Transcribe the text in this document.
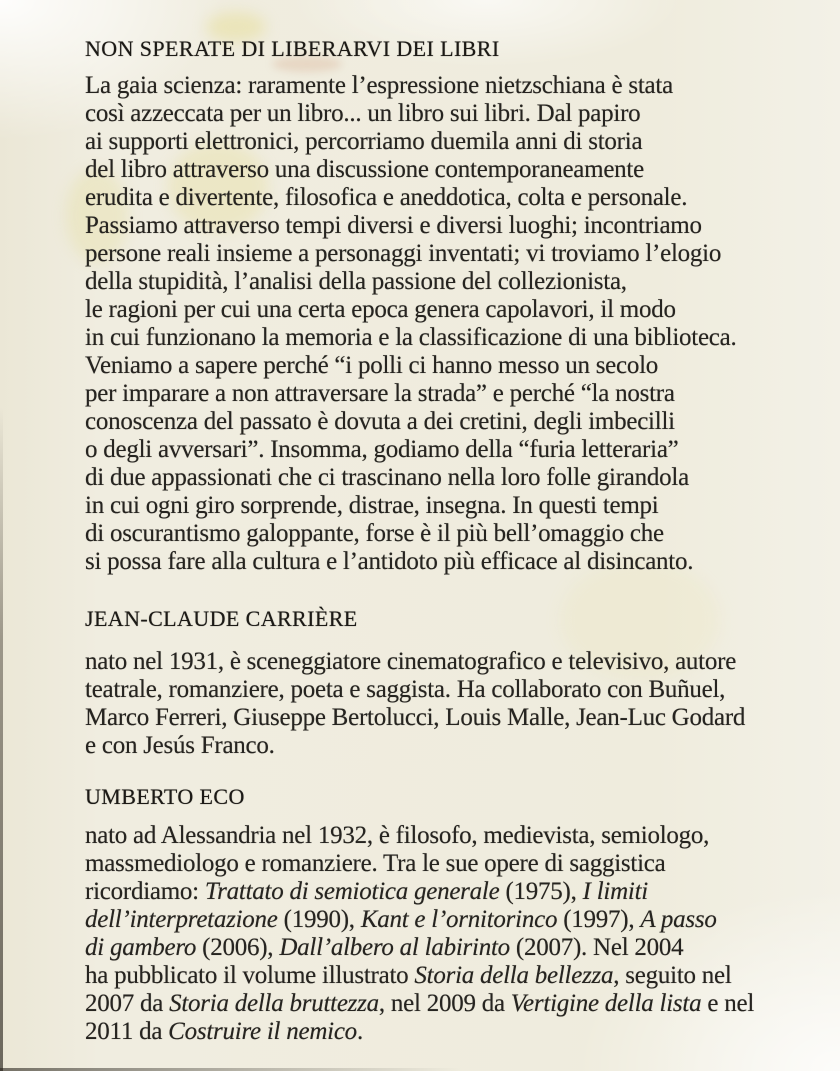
NON SPERATE DI LIBERARVI DEI LIBRI
La gaia scienza: raramente l’espressione nietzschiana è stata
così azzeccata per un libro... un libro sui libri. Dal papiro
ai supporti elettronici, percorriamo duemila anni di storia
del libro attraverso una discussione contemporaneamente
erudita e divertente, filosofica e aneddotica, colta e personale.
Passiamo attraverso tempi diversi e diversi luoghi; incontriamo
persone reali insieme a personaggi inventati; vi troviamo l’elogio
della stupidità, l’analisi della passione del collezionista,
le ragioni per cui una certa epoca genera capolavori, il modo
in cui funzionano la memoria e la classificazione di una biblioteca.
Veniamo a sapere perché “i polli ci hanno messo un secolo
per imparare a non attraversare la strada” e perché “la nostra
conoscenza del passato è dovuta a dei cretini, degli imbecilli
o degli avversari”. Insomma, godiamo della “furia letteraria”
di due appassionati che ci trascinano nella loro folle girandola
in cui ogni giro sorprende, distrae, insegna. In questi tempi
di oscurantismo galoppante, forse è il più bell’omaggio che
si possa fare alla cultura e l’antidoto più efficace al disincanto.
JEAN-CLAUDE CARRIÈRE
nato nel 1931, è sceneggiatore cinematografico e televisivo, autore
teatrale, romanziere, poeta e saggista. Ha collaborato con Buñuel,
Marco Ferreri, Giuseppe Bertolucci, Louis Malle, Jean-Luc Godard
e con Jesús Franco.
UMBERTO ECO
nato ad Alessandria nel 1932, è filosofo, medievista, semiologo,
massmediologo e romanziere. Tra le sue opere di saggistica
ricordiamo: Trattato di semiotica generale (1975), I limiti
dell’interpretazione (1990), Kant e l’ornitorinco (1997), A passo
di gambero (2006), Dall’albero al labirinto (2007). Nel 2004
ha pubblicato il volume illustrato Storia della bellezza, seguito nel
2007 da Storia della bruttezza, nel 2009 da Vertigine della lista e nel
2011 da Costruire il nemico.
